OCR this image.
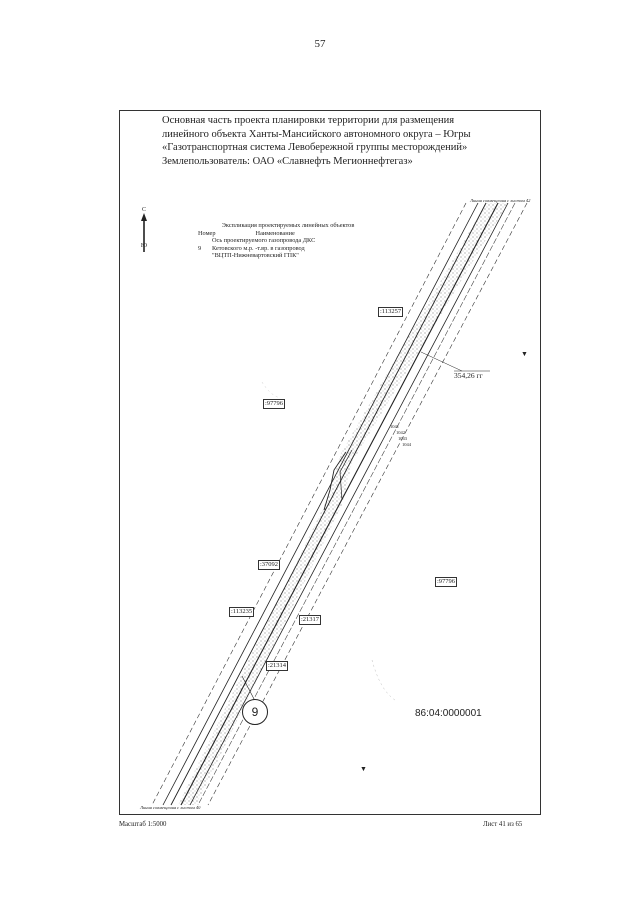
57
Основная часть проекта планировки территории для размещения
линейного объекта Ханты-Мансийского автономного округа – Югры
«Газотранспортная система Левобережной группы месторождений»
Землепользователь: ОАО «Славнефть Мегионнефтегаз»
С
Ю
Экспликация проектируемых линейных объектов
Номер	Наименование
Ось проектируемого газопровода ДКС
9	Кетовского м.р. -т.вр. в газопровод
"ВЦТП-Нижневартовский ГПК"
Линия совмещения с листом 42
Линия совмещения с листом 40
:113257
:97796
:97796
:37092
:113235
:21317
:21314
1041
1042
1043
1044
354,26 гг
9	86:04:0000001
▼
▼
Масштаб 1:5000	Лист 41 из 65
